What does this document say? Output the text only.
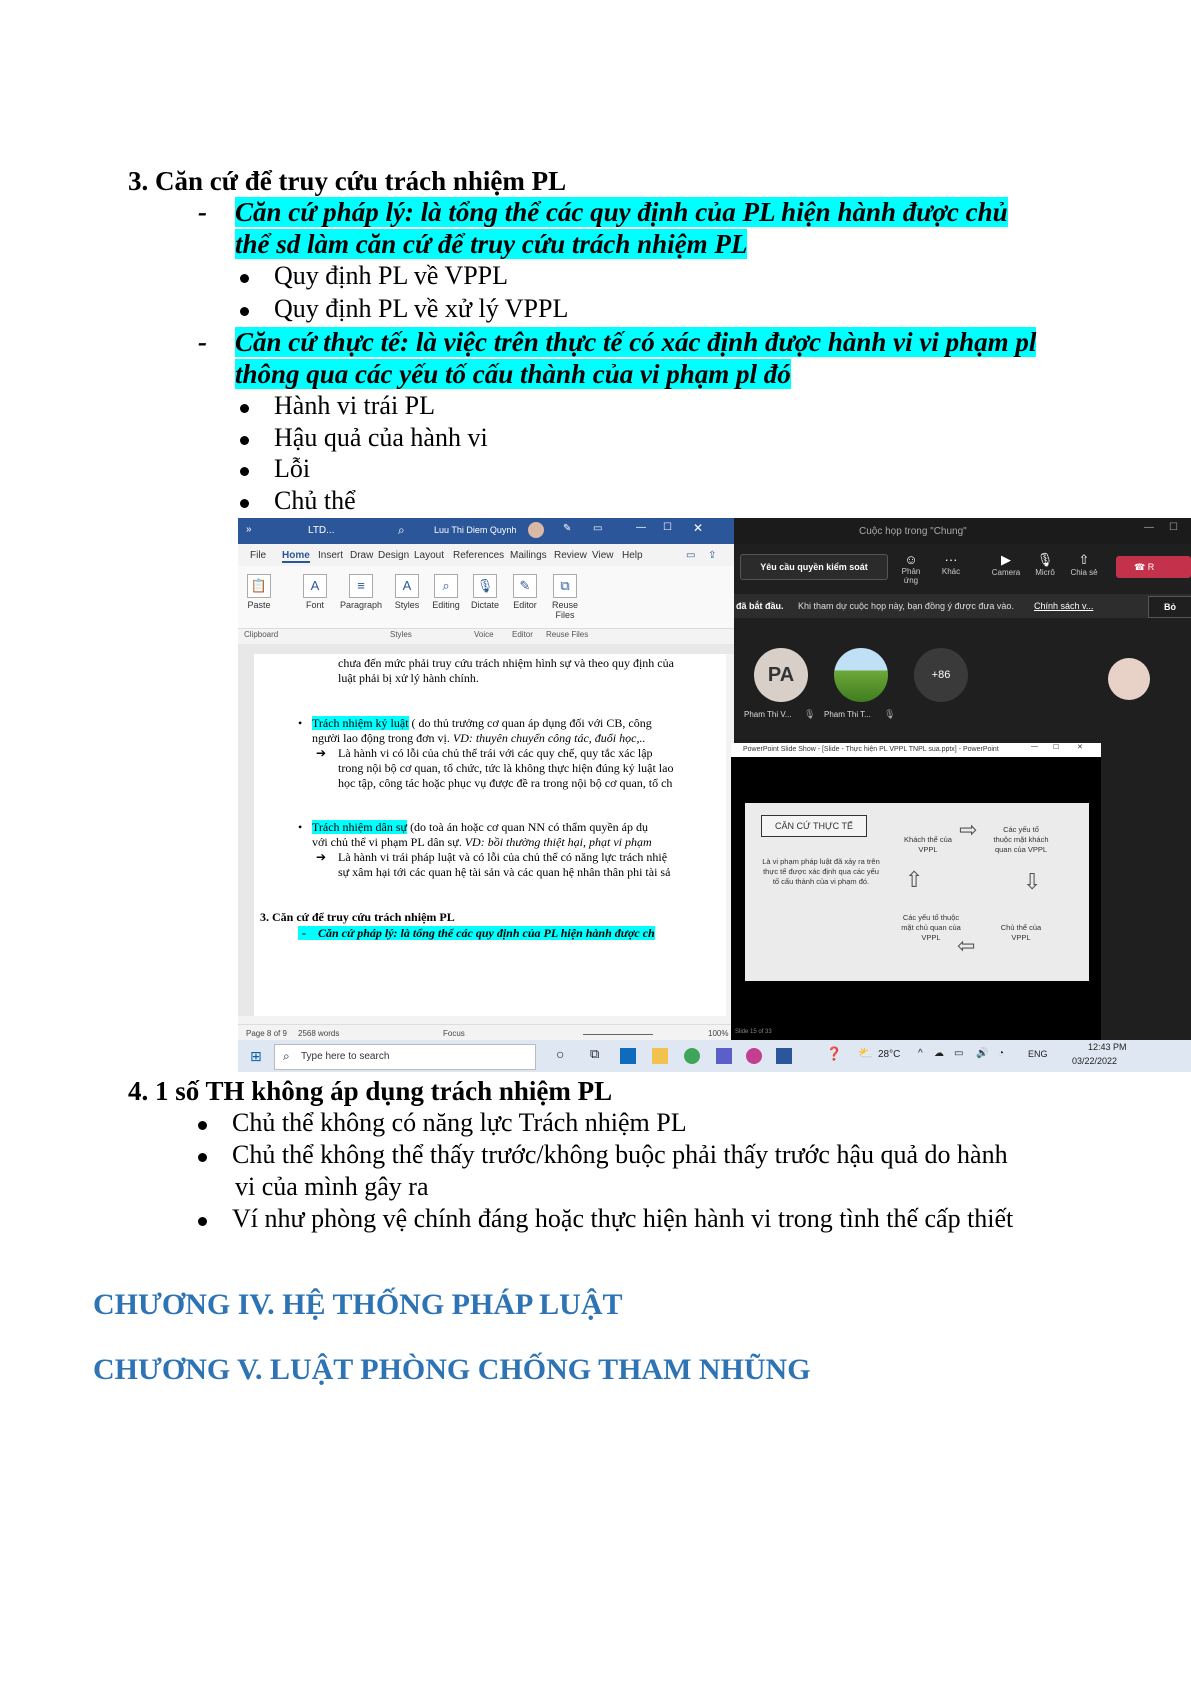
3. Căn cứ để truy cứu trách nhiệm PL
- Căn cứ pháp lý: là tổng thể các quy định của PL hiện hành được chủ
thể sd làm căn cứ để truy cứu trách nhiệm PL
Quy định PL về VPPL
Quy định PL về xử lý VPPL
- Căn cứ thực tế: là việc trên thực tế có xác định được hành vi vi phạm pl
thông qua các yếu tố cấu thành của vi phạm pl đó
Hành vi trái PL
Hậu quả của hành vi
Lỗi
Chủ thể
»	LTD...	⌕	Luu Thi Diem Quynh	✎ ▭	— ☐ ✕
File Home Insert Draw Design Layout References Mailings Review View Help	▭ ⇪
📋
Paste
A
Font
≡
Paragraph
A
Styles
⌕
Editing
🎙
Dictate
✎
Editor
⧉
Reuse Files
Clipboard	Styles	Voice Editor Reuse Files
chưa đến mức phải truy cứu trách nhiệm hình sự và theo quy định của
luật phải bị xử lý hành chính.
• Trách nhiệm kỷ luật ( do thủ trưởng cơ quan áp dụng đối với CB, công
người lao động trong đơn vị. VD: thuyên chuyển công tác, đuổi học,..
➔ Là hành vi có lỗi của chủ thể trái với các quy chế, quy tắc xác lập
trong nội bộ cơ quan, tổ chức, tức là không thực hiện đúng kỷ luật lao
học tập, công tác hoặc phục vụ được đề ra trong nội bộ cơ quan, tổ ch
• Trách nhiệm dân sự (do toà án hoặc cơ quan NN có thẩm quyền áp dụ
với chủ thể vi phạm PL dân sự. VD: bồi thường thiệt hại, phạt vi phạm
➔ Là hành vi trái pháp luật và có lỗi của chủ thể có năng lực trách nhiệ
sự xâm hại tới các quan hệ tài sản và các quan hệ nhân thân phi tài sả
3. Căn cứ để truy cứu trách nhiệm PL
-    Căn cứ pháp lý: là tổng thể các quy định của PL hiện hành được ch
Page 8 of 9 2568 words	Focus	100%
Cuộc họp trong "Chung"	— ☐
Yêu cầu quyền kiểm soát	☺
Phản ứng
···
Khác
▶
Camera
🎙
Micrô
⇧
Chia sẻ
☎ R
đã bắt đầu. Khi tham dự cuộc họp này, bạn đồng ý được đưa vào. Chính sách v...	Bỏ
PA
Pham Thi V... 🎙 Pham Thi T... 🎙
+86
PowerPoint Slide Show - [Slide - Thực hiện PL VPPL TNPL sua.pptx] - PowerPoint	— ☐	✕
CĂN CỨ THỰC TẾ
Là vi phạm pháp luật đã xảy ra trên thực tế được xác định qua các yếu tố cấu thành của vi phạm đó.
Khách thể của VPPL
Các yếu tố thuộc mặt khách quan của VPPL
Chủ thể của VPPL
Các yếu tố thuộc mặt chủ quan của VPPL
⇨
⇩
⇦
⇧
Slide 15 of 33
⊞ ⌕ Type here to search	○ ⧉	❓ ⛅ 28°C ^ ☁ ▭ 🔊 ◔	ENG
12:43 PM
03/22/2022
4. 1 số TH không áp dụng trách nhiệm PL
Chủ thể không có năng lực Trách nhiệm PL
Chủ thể không thể thấy trước/không buộc phải thấy trước hậu quả do hành
vi của mình gây ra
Ví như phòng vệ chính đáng hoặc thực hiện hành vi trong tình thế cấp thiết
CHƯƠNG IV. HỆ THỐNG PHÁP LUẬT
CHƯƠNG V. LUẬT PHÒNG CHỐNG THAM NHŨNG
